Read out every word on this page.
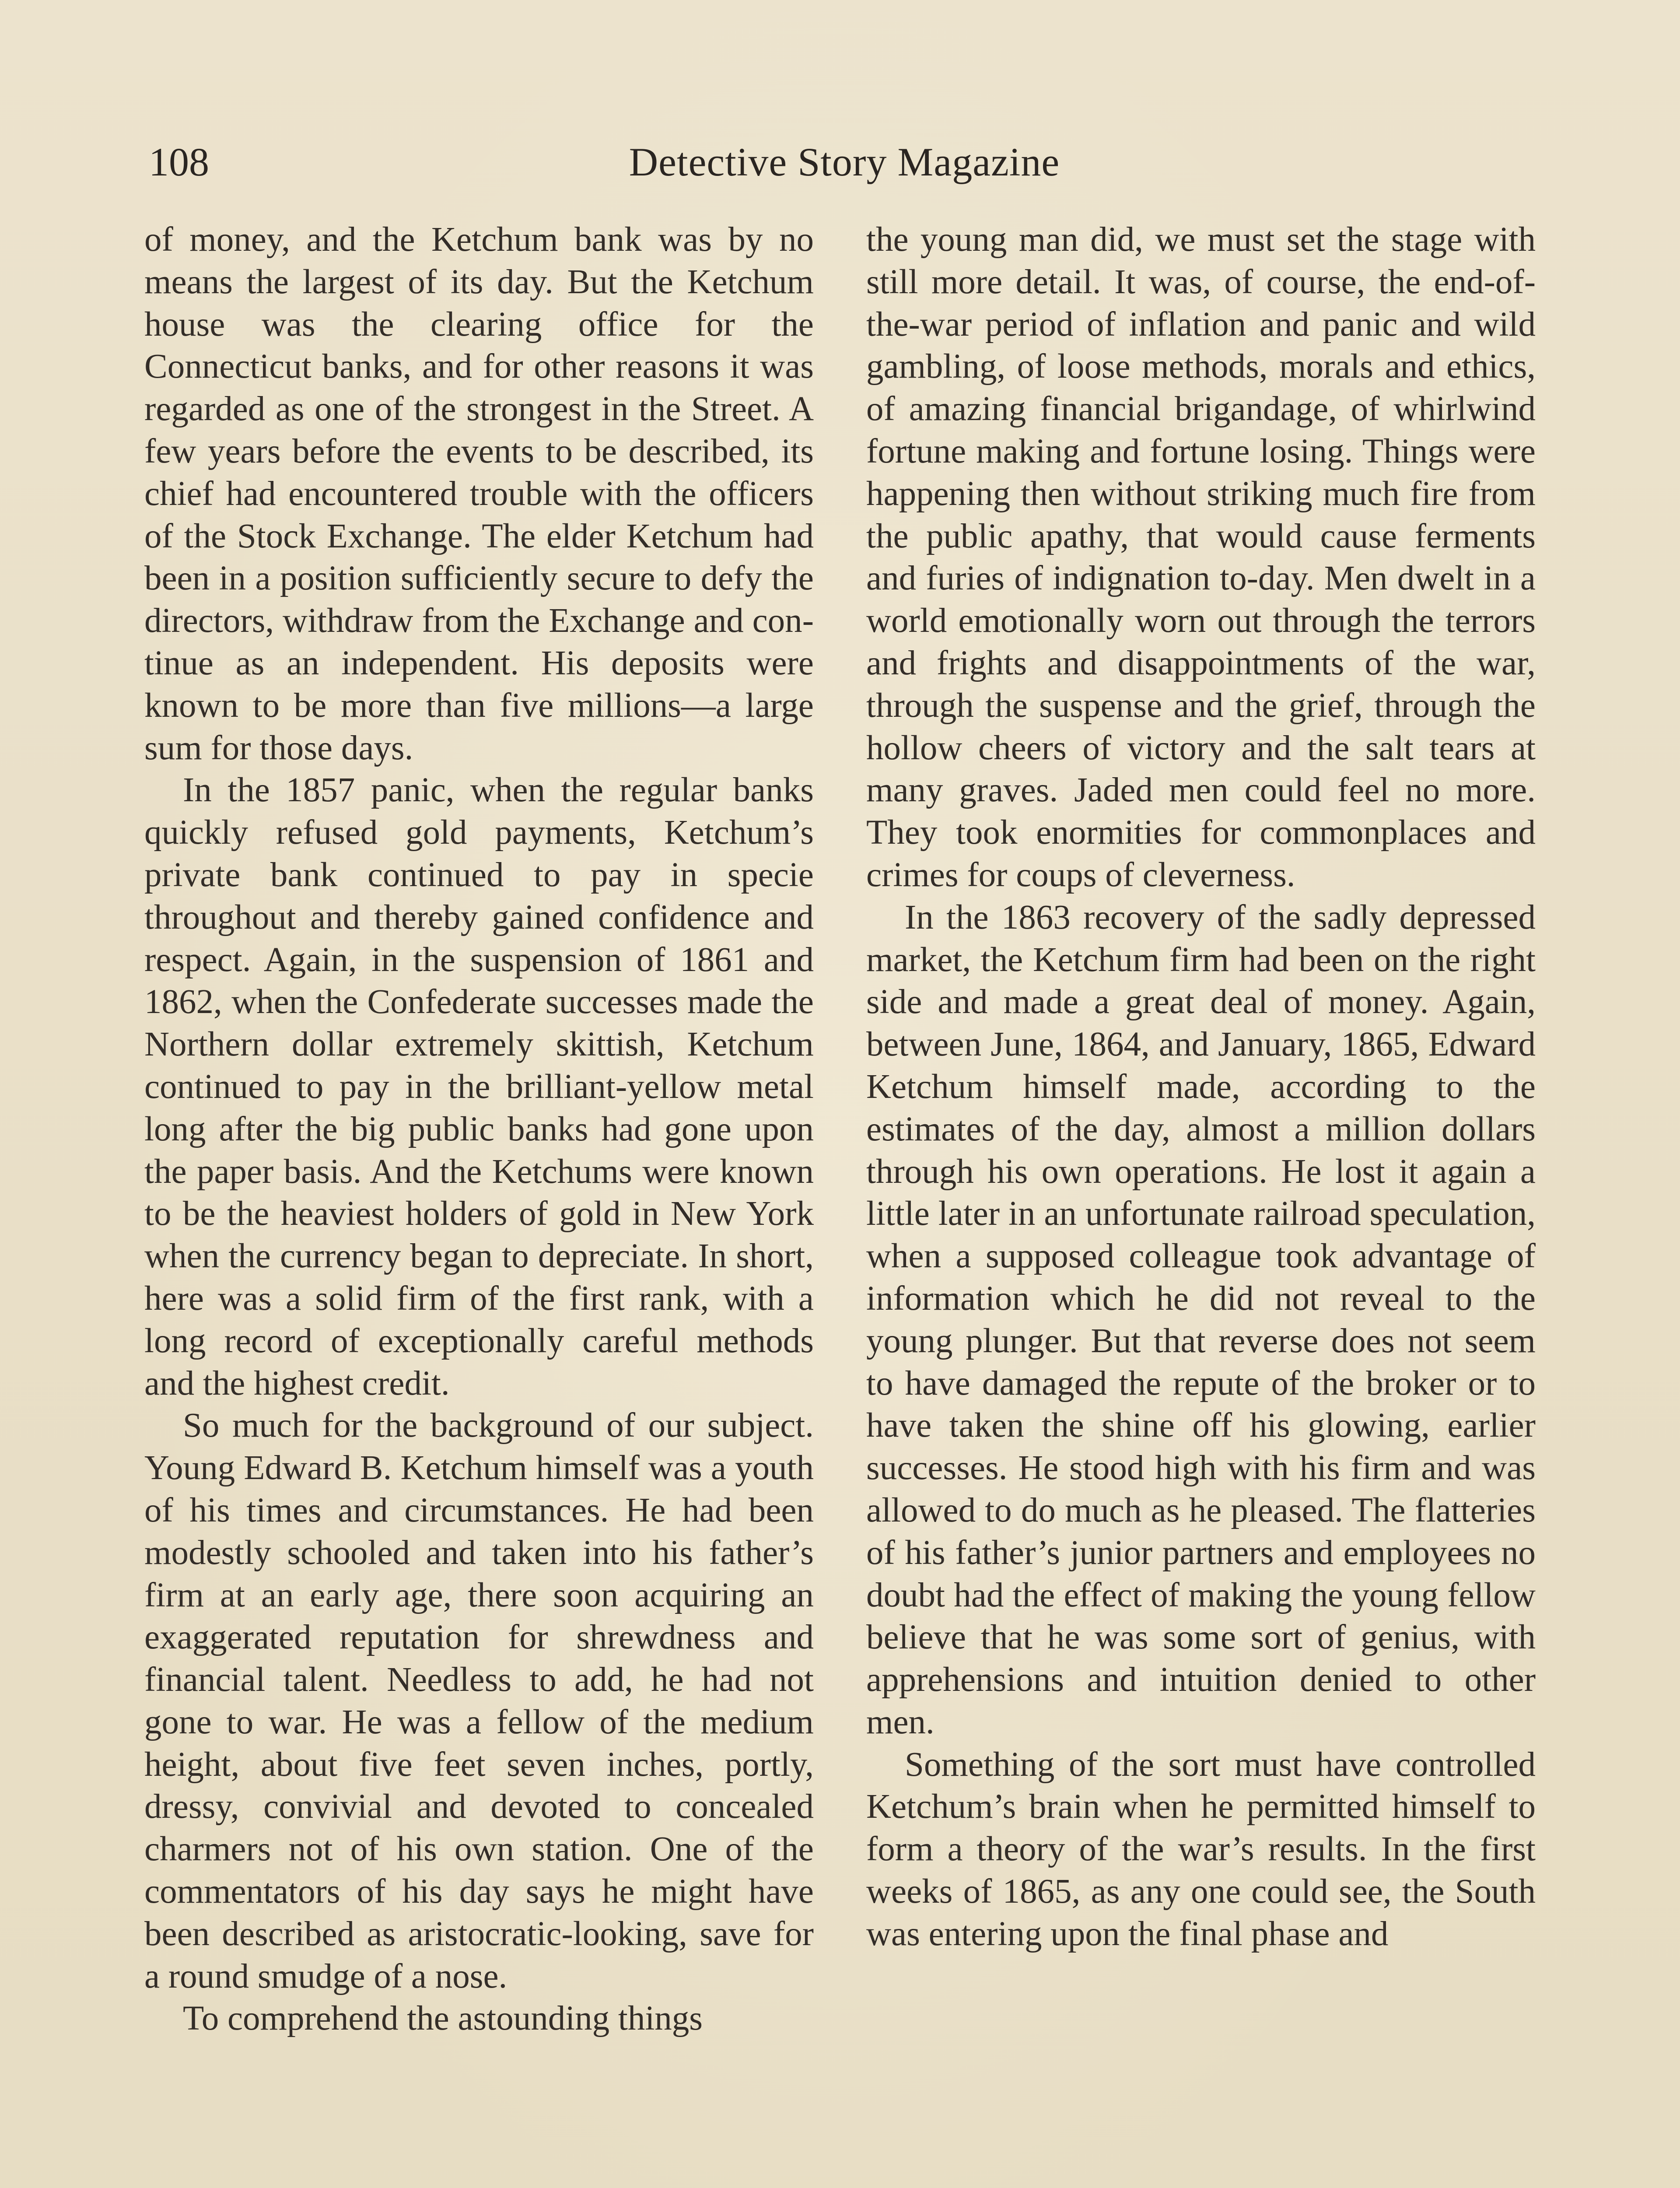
108	Detective Story Magazine

of money, and the Ketchum bank was by no means the largest of its day. But the Ketchum house was the clearing office for the Connecticut banks, and for other reasons it was regarded as one of the strongest in the Street. A few years before the events to be described, its chief had encountered trouble with the officers of the Stock Exchange. The elder Ketchum had been in a position sufficiently secure to defy the directors, withdraw from the Exchange and continue as an independent. His deposits were known to be more than five millions—a large sum for those days.

In the 1857 panic, when the regular banks quickly refused gold payments, Ketchum’s private bank continued to pay in specie throughout and thereby gained confidence and respect. Again, in the suspension of 1861 and 1862, when the Confederate successes made the Northern dollar extremely skittish, Ketchum continued to pay in the brilliant-yellow metal long after the big public banks had gone upon the paper basis. And the Ketchums were known to be the heaviest holders of gold in New York when the currency began to depreciate. In short, here was a solid firm of the first rank, with a long record of exceptionally careful methods and the highest credit.

So much for the background of our subject. Young Edward B. Ketchum himself was a youth of his times and circumstances. He had been modestly schooled and taken into his father’s firm at an early age, there soon acquiring an exaggerated reputation for shrewdness and financial talent. Needless to add, he had not gone to war. He was a fellow of the medium height, about five feet seven inches, portly, dressy, convivial and devoted to concealed charmers not of his own station. One of the commentators of his day says he might have been described as aristocratic-looking, save for a round smudge of a nose.

To comprehend the astounding things

the young man did, we must set the stage with still more detail. It was, of course, the end-of-the-war period of inflation and panic and wild gambling, of loose methods, morals and ethics, of amazing financial brigandage, of whirlwind fortune making and fortune losing. Things were happening then without striking much fire from the public apathy, that would cause ferments and furies of indignation to-day. Men dwelt in a world emotionally worn out through the terrors and frights and disappointments of the war, through the suspense and the grief, through the hollow cheers of victory and the salt tears at many graves. Jaded men could feel no more. They took enormities for commonplaces and crimes for coups of cleverness.

In the 1863 recovery of the sadly depressed market, the Ketchum firm had been on the right side and made a great deal of money. Again, between June, 1864, and January, 1865, Edward Ketchum himself made, according to the estimates of the day, almost a million dollars through his own operations. He lost it again a little later in an unfortunate railroad speculation, when a supposed colleague took advantage of information which he did not reveal to the young plunger. But that reverse does not seem to have damaged the repute of the broker or to have taken the shine off his glowing, earlier successes. He stood high with his firm and was allowed to do much as he pleased. The flatteries of his father’s junior partners and employees no doubt had the effect of making the young fellow believe that he was some sort of genius, with apprehensions and intuition denied to other men.

Something of the sort must have controlled Ketchum’s brain when he permitted himself to form a theory of the war’s results. In the first weeks of 1865, as any one could see, the South was entering upon the final phase and
